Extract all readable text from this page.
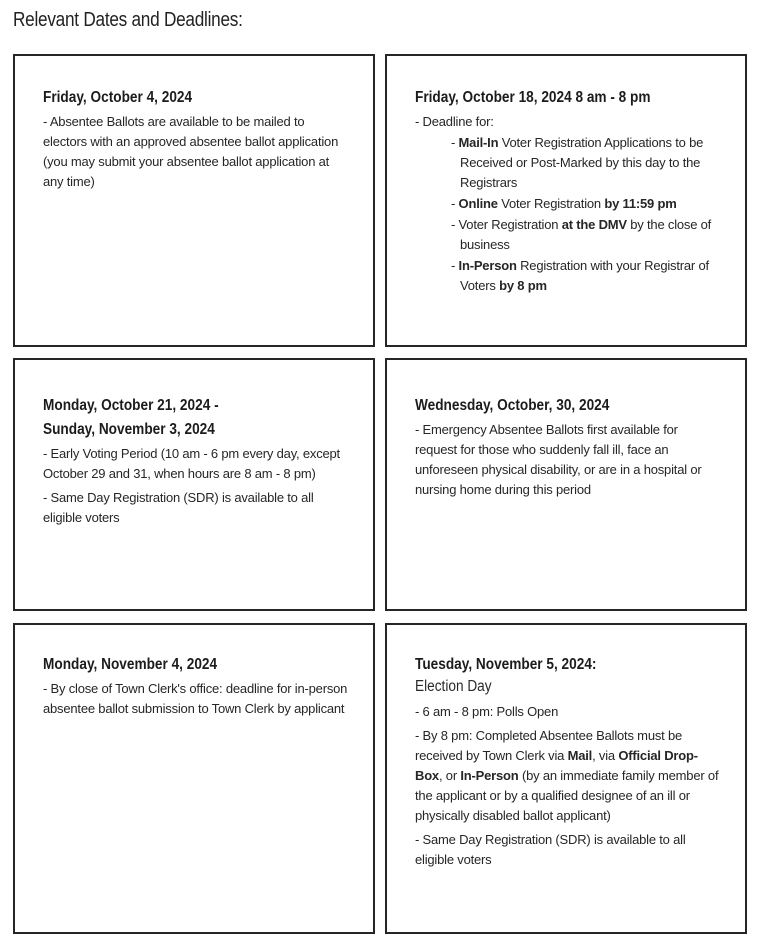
Relevant Dates and Deadlines:
Friday, October 4, 2024
- Absentee Ballots are available to be mailed to electors with an approved absentee ballot application (you may submit your absentee ballot application at any time)
Friday, October 18, 2024 8 am - 8 pm
- Deadline for:
- Mail-In Voter Registration Applications to be Received or Post-Marked by this day to the Registrars
- Online Voter Registration by 11:59 pm
- Voter Registration at the DMV by the close of business
- In-Person Registration with your Registrar of Voters by 8 pm
Monday, October 21, 2024 -
Sunday, November 3, 2024
- Early Voting Period (10 am - 6 pm every day, except October 29 and 31, when hours are 8 am - 8 pm)
- Same Day Registration (SDR) is available to all eligible voters
Wednesday, October, 30, 2024
- Emergency Absentee Ballots first available for request for those who suddenly fall ill, face an unforeseen physical disability, or are in a hospital or nursing home during this period
Monday, November 4, 2024
- By close of Town Clerk's office: deadline for in-person absentee ballot submission to Town Clerk by applicant
Tuesday, November 5, 2024:
Election Day
- 6 am - 8 pm: Polls Open
- By 8 pm: Completed Absentee Ballots must be received by Town Clerk via Mail, via Official Drop-Box, or In-Person (by an immediate family member of the applicant or by a qualified designee of an ill or physically disabled ballot applicant)
- Same Day Registration (SDR) is available to all eligible voters
